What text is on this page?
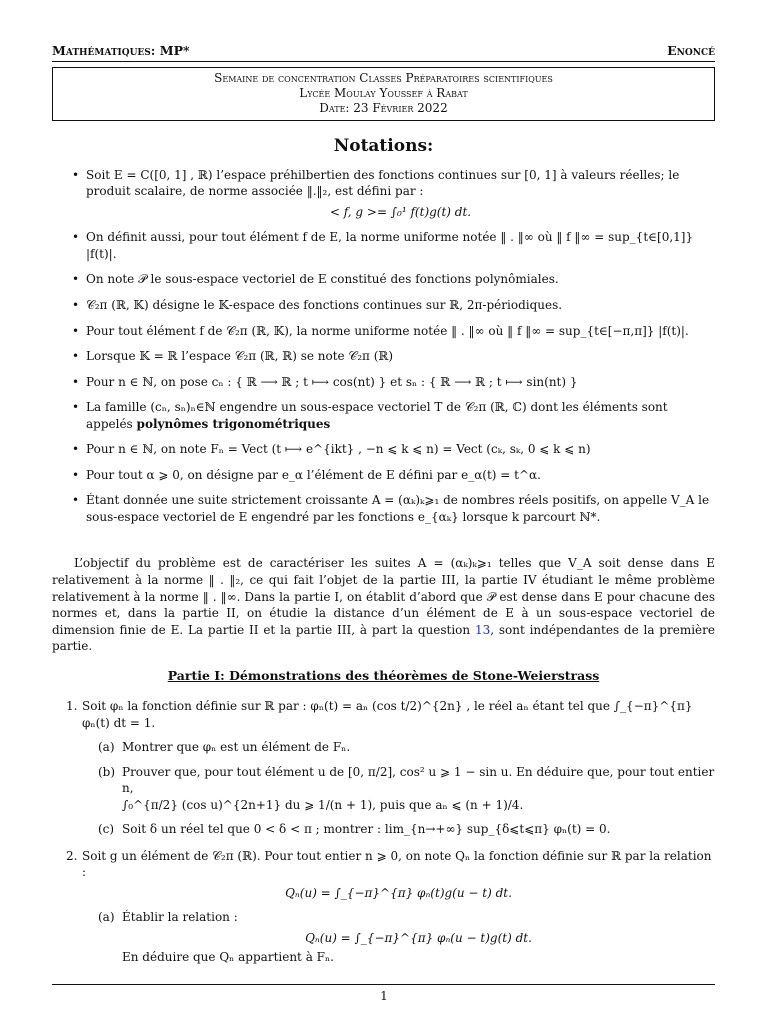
Mathématiques: MP*	Enoncé
Semaine de concentration Classes Préparatoires scientifiques
Lycée Moulay Youssef à Rabat
Date: 23 Février 2022
Notations:
• Soit E = C([0, 1] , ℝ) l’espace préhilbertien des fonctions continues sur [0, 1] à valeurs réelles; le produit scalaire, de norme associée ‖.‖₂, est défini par :
< f, g >= ∫₀¹ f(t)g(t) dt.
• On définit aussi, pour tout élément f de E, la norme uniforme notée ‖ . ‖∞ où ‖ f ‖∞ = sup_{t∈[0,1]} |f(t)|.
• On note 𝒫 le sous-espace vectoriel de E constitué des fonctions polynômiales.
• 𝒞₂π (ℝ, 𝕂) désigne le 𝕂-espace des fonctions continues sur ℝ, 2π-périodiques.
• Pour tout élément f de 𝒞₂π (ℝ, 𝕂), la norme uniforme notée ‖ . ‖∞ où ‖ f ‖∞ = sup_{t∈[−π,π]} |f(t)|.
• Lorsque 𝕂 = ℝ l’espace 𝒞₂π (ℝ, ℝ) se note 𝒞₂π (ℝ)
• Pour n ∈ ℕ, on pose cₙ : { ℝ ⟶ ℝ ; t ⟼ cos(nt) } et sₙ : { ℝ ⟶ ℝ ; t ⟼ sin(nt) }
• La famille (cₙ, sₙ)ₙ∈ℕ engendre un sous-espace vectoriel T de 𝒞₂π (ℝ, ℂ) dont les éléments sont appelés polynômes trigonométriques
• Pour n ∈ ℕ, on note Fₙ = Vect (t ⟼ e^{ikt} , −n ⩽ k ⩽ n) = Vect (cₖ, sₖ, 0 ⩽ k ⩽ n)
• Pour tout α ⩾ 0, on désigne par e_α l’élément de E défini par e_α(t) = t^α.
• Étant donnée une suite strictement croissante A = (αₖ)ₖ⩾₁ de nombres réels positifs, on appelle V_A le sous-espace vectoriel de E engendré par les fonctions e_{αₖ} lorsque k parcourt ℕ*.

L’objectif du problème est de caractériser les suites A = (αₖ)ₖ⩾₁ telles que V_A soit dense dans E relativement à la norme ‖ . ‖₂, ce qui fait l’objet de la partie III, la partie IV étudiant le même problème relativement à la norme ‖ . ‖∞. Dans la partie I, on établit d’abord que 𝒫 est dense dans E pour chacune des normes et, dans la partie II, on étudie la distance d’un élément de E à un sous-espace vectoriel de dimension finie de E. La partie II et la partie III, à part la question 13, sont indépendantes de la première partie.

Partie I: Démonstrations des théorèmes de Stone-Weierstrass
1. Soit φₙ la fonction définie sur ℝ par : φₙ(t) = aₙ (cos t/2)^{2n} , le réel aₙ étant tel que ∫_{−π}^{π} φₙ(t) dt = 1.
(a) Montrer que φₙ est un élément de Fₙ.
(b) Prouver que, pour tout élément u de [0, π/2], cos² u ⩾ 1 − sin u. En déduire que, pour tout entier n,
∫₀^{π/2} (cos u)^{2n+1} du ⩾ 1/(n + 1), puis que aₙ ⩽ (n + 1)/4.
(c) Soit δ un réel tel que 0 < δ < π ; montrer : lim_{n→+∞} sup_{δ⩽t⩽π} φₙ(t) = 0.
2. Soit g un élément de 𝒞₂π (ℝ). Pour tout entier n ⩾ 0, on note Qₙ la fonction définie sur ℝ par la relation :
Qₙ(u) = ∫_{−π}^{π} φₙ(t)g(u − t) dt.
(a) Établir la relation :
Qₙ(u) = ∫_{−π}^{π} φₙ(u − t)g(t) dt.
En déduire que Qₙ appartient à Fₙ.
1
